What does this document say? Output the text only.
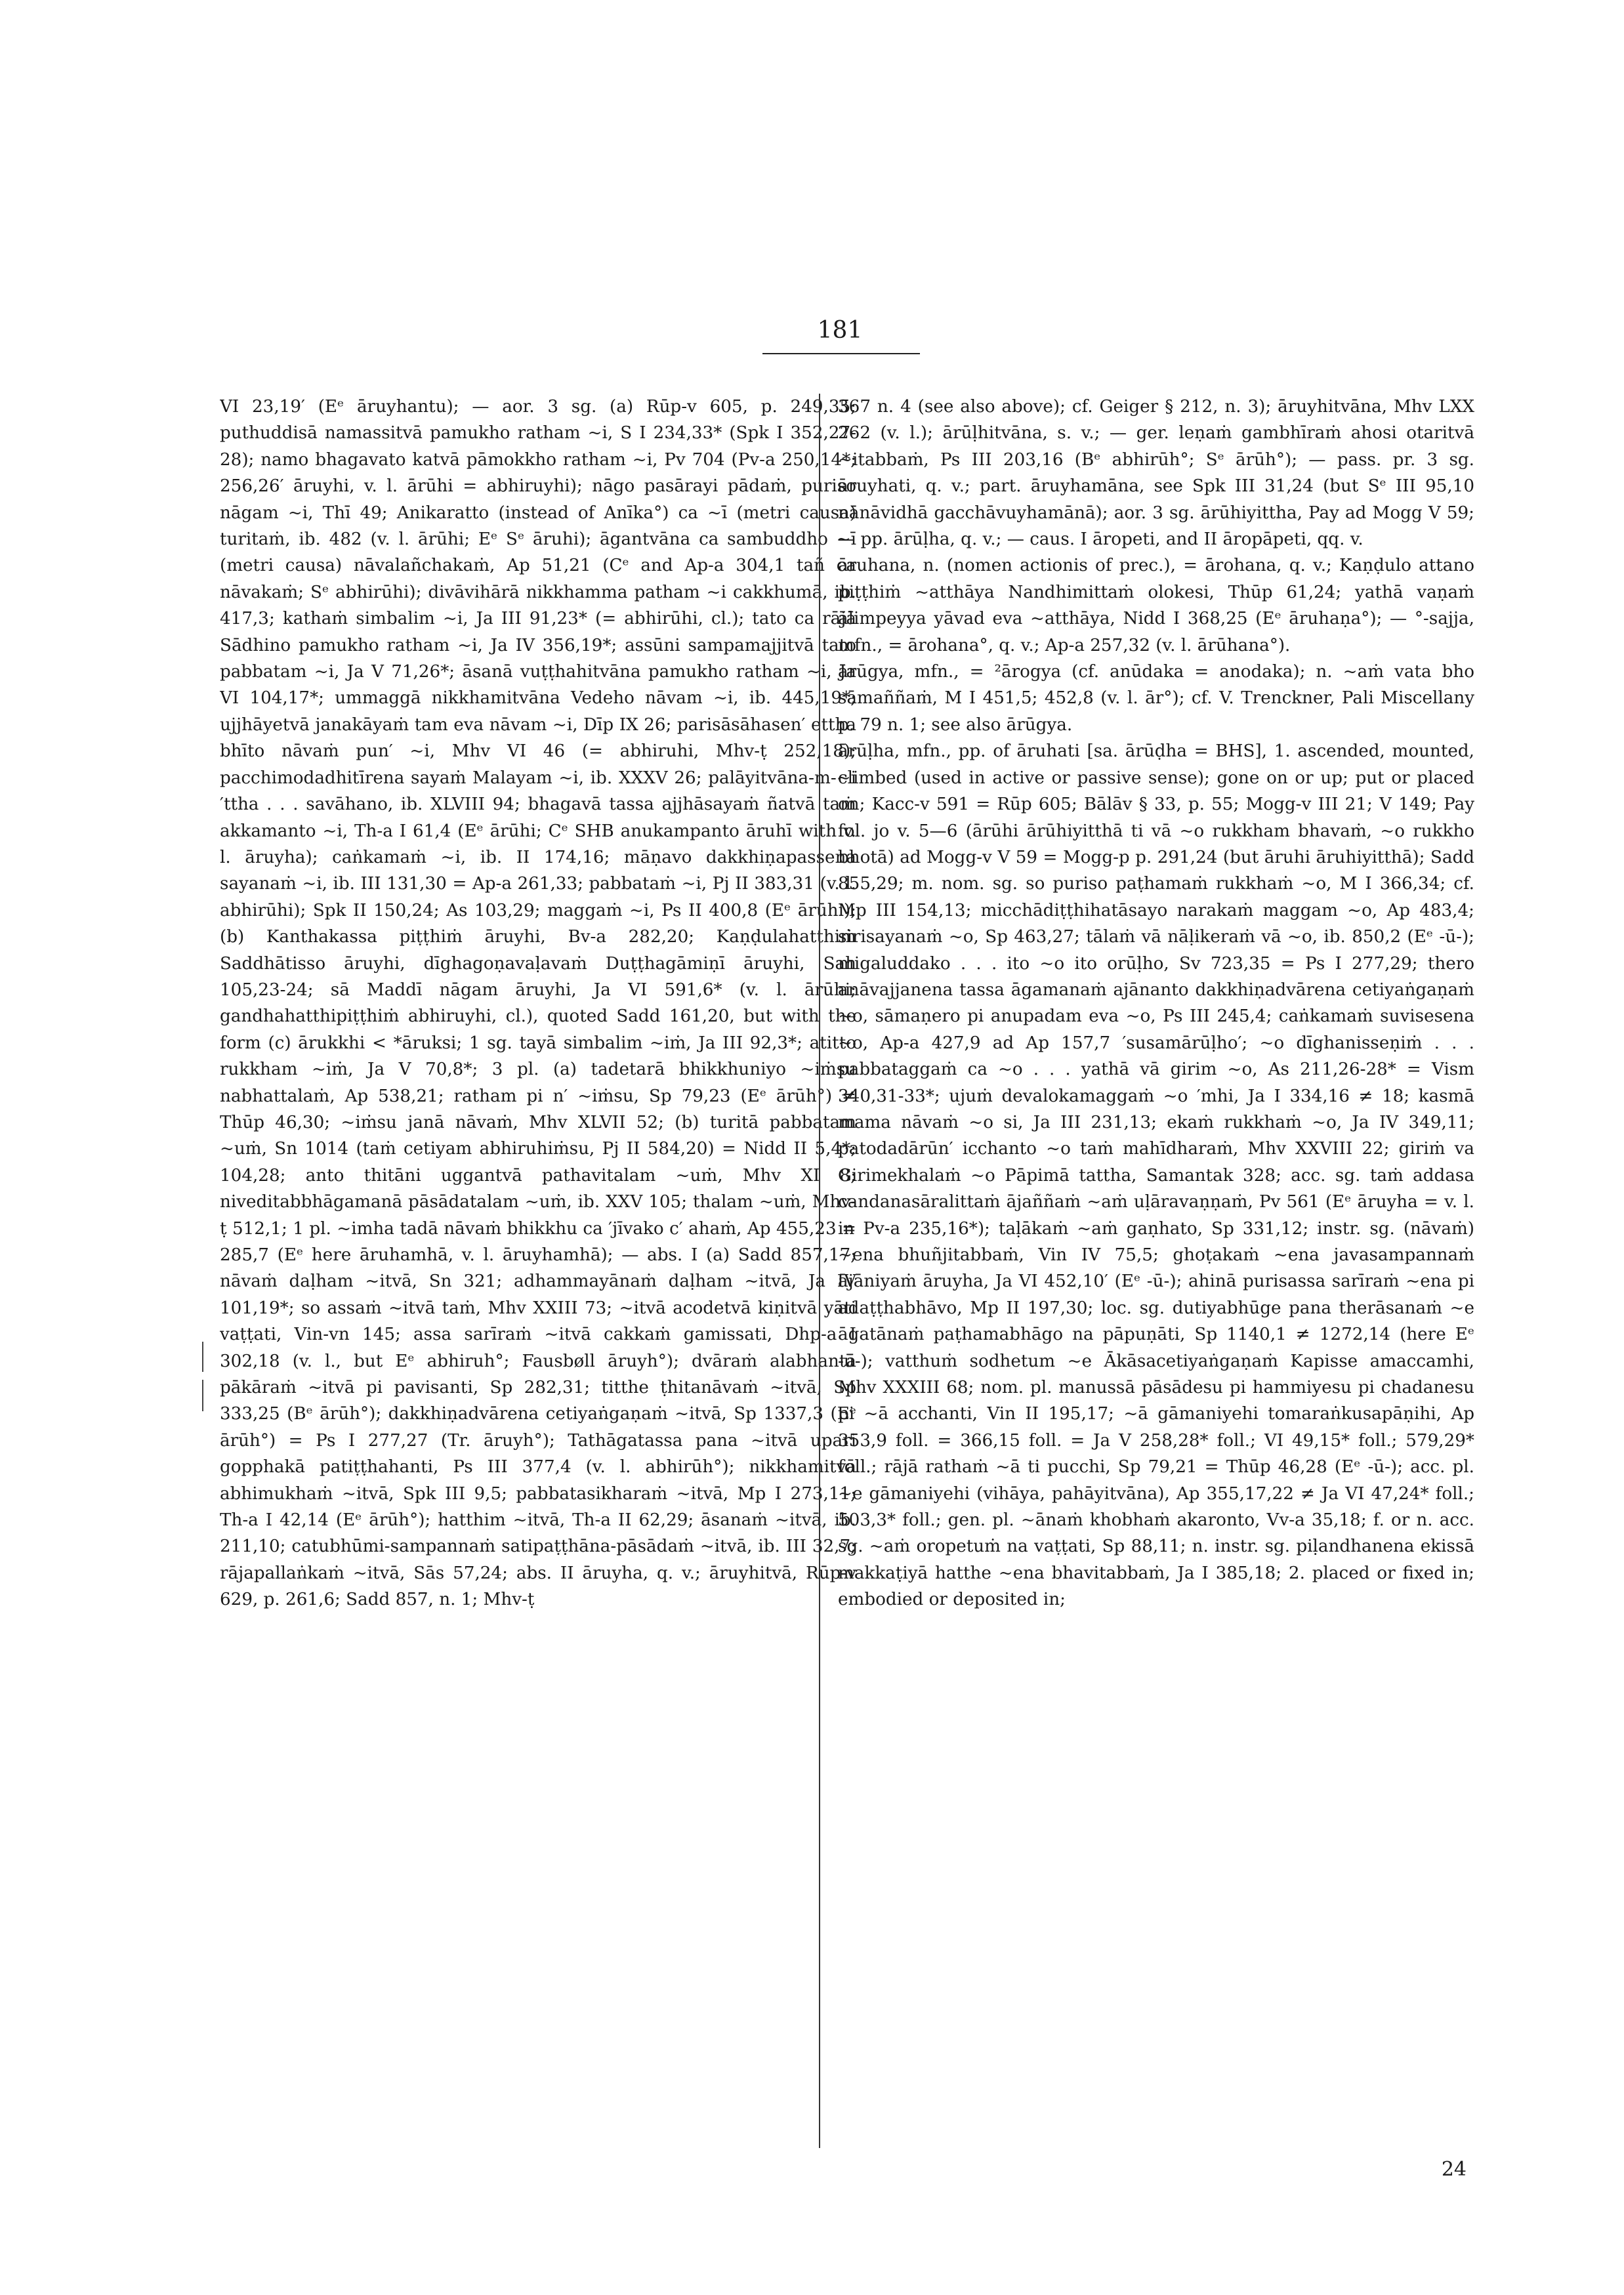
181

VI 23,19′ (Eᵉ āruyhantu); — aor. 3 sg. (a) Rūp-v 605, p. 249,35; puthuddisā namassitvā pamukho ratham ~i, S I 234,33* (Spk I 352,27-28); namo bhagavato katvā pāmokkho ratham ~i, Pv 704 (Pv-a 250,14*; 256,26′ āruyhi, v. l. ārūhi = abhiruyhi); nāgo pasārayi pādaṁ, puriso nāgam ~i, Thī 49; Anikaratto (instead of Anīka°) ca ~ī (metri causa) turitaṁ, ib. 482 (v. l. ārūhi; Eᵉ Sᵉ āruhi); āgantvāna ca sambuddho ~ī (metri causa) nāvalañchakaṁ, Ap 51,21 (Cᵉ and Ap-a 304,1 tañ ca nāvakaṁ; Sᵉ abhirūhi); divāvihārā nikkhamma patham ~i cakkhumā, ib. 417,3; kathaṁ simbalim ~i, Ja III 91,23* (= abhirūhi, cl.); tato ca rājā Sādhino pamukho ratham ~i, Ja IV 356,19*; assūni sampamajjitvā tato pabbatam ~i, Ja V 71,26*; āsanā vuṭṭhahitvāna pamukho ratham ~i, Ja VI 104,17*; ummaggā nikkhamitvāna Vedeho nāvam ~i, ib. 445,19*; ujjhāyetvā janakāyaṁ tam eva nāvam ~i, Dīp IX 26; parisāsāhasen′ ettha bhīto nāvaṁ pun′ ~i, Mhv VI 46 (= abhiruhi, Mhv-ṭ 252,18); pacchimodadhitīrena sayaṁ Malayam ~i, ib. XXXV 26; palāyitvāna-m-~i ′ttha . . . savāhano, ib. XLVIII 94; bhagavā tassa ajjhāsayaṁ ñatvā taṁ akkamanto ~i, Th-a I 61,4 (Eᵉ ārūhi; Cᵉ SHB anukampanto āruhī with v. l. āruyha); caṅkamaṁ ~i, ib. II 174,16; māṇavo dakkhiṇapassena sayanaṁ ~i, ib. III 131,30 = Ap-a 261,33; pabbataṁ ~i, Pj II 383,31 (v. l. abhirūhi); Spk II 150,24; As 103,29; maggaṁ ~i, Ps II 400,8 (Eᵉ ārūhi); (b) Kanthakassa piṭṭhiṁ āruyhi, Bv-a 282,20; Kaṇḍulahatthiṁ Saddhātisso āruyhi, dīghagoṇavaḷavaṁ Duṭṭhagāmiṇī āruyhi, Sah 105,23-24; sā Maddī nāgam āruyhi, Ja VI 591,6* (v. l. ārūhi; gandhahatthipiṭṭhiṁ abhiruyhi, cl.), quoted Sadd 161,20, but with the form (c) ārukkhi < *āruksi; 1 sg. tayā simbalim ~iṁ, Ja III 92,3*; atitto rukkham ~iṁ, Ja V 70,8*; 3 pl. (a) tadetarā bhikkhuniyo ~iṁsu nabhattalaṁ, Ap 538,21; ratham pi n′ ~iṁsu, Sp 79,23 (Eᵉ ārūh°) ≠ Thūp 46,30; ~iṁsu janā nāvaṁ, Mhv XLVII 52; (b) turitā pabbatam ~uṁ, Sn 1014 (taṁ cetiyam abhiruhiṁsu, Pj II 584,20) = Nidd II 5,4*; 104,28; anto thitāni uggantvā pathavitalam ~uṁ, Mhv XI 8; niveditabbhāgamanā pāsādatalam ~uṁ, ib. XXV 105; thalam ~uṁ, Mhv-ṭ 512,1; 1 pl. ~imha tadā nāvaṁ bhikkhu ca ′jīvako c′ ahaṁ, Ap 455,23 = 285,7 (Eᵉ here āruhamhā, v. l. āruyhamhā); — abs. I (a) Sadd 857,17; nāvaṁ daḷham ~itvā, Sn 321; adhammayānaṁ daḷham ~itvā, Ja IV 101,19*; so assaṁ ~itvā taṁ, Mhv XXIII 73; ~itvā acodetvā kiṇitvā yāti vaṭṭati, Vin-vn 145; assa sarīraṁ ~itvā cakkaṁ gamissati, Dhp-a I 302,18 (v. l., but Eᵉ abhiruh°; Fausbøll āruyh°); dvāraṁ alabhantā pākāraṁ ~itvā pi pavisanti, Sp 282,31; titthe ṭhitanāvaṁ ~itvā, Sp 333,25 (Bᵉ ārūh°); dakkhiṇadvārena cetiyaṅgaṇaṁ ~itvā, Sp 1337,3 (Eᵉ ārūh°) = Ps I 277,27 (Tr. āruyh°); Tathāgatassa pana ~itvā upari gopphakā patiṭṭhahanti, Ps III 377,4 (v. l. abhirūh°); nikkhamitvā abhimukhaṁ ~itvā, Spk III 9,5; pabbatasikharaṁ ~itvā, Mp I 273,11; Th-a I 42,14 (Eᵉ ārūh°); hatthim ~itvā, Th-a II 62,29; āsanaṁ ~itvā, ib. 211,10; catubhūmi-sampannaṁ satipaṭṭhāna-pāsādaṁ ~itvā, ib. III 32,7; rājapallaṅkaṁ ~itvā, Sās 57,24; abs. II āruyha, q. v.; āruyhitvā, Rūp-v 629, p. 261,6; Sadd 857, n. 1; Mhv-ṭ

367 n. 4 (see also above); cf. Geiger § 212, n. 3); āruyhitvāna, Mhv LXX 262 (v. l.); ārūḷhitvāna, s. v.; — ger. leṇaṁ gambhīraṁ ahosi otaritvā ~itabbaṁ, Ps III 203,16 (Bᵉ abhirūh°; Sᵉ ārūh°); — pass. pr. 3 sg. āruyhati, q. v.; part. āruyhamāna, see Spk III 31,24 (but Sᵉ III 95,10 nānāvidhā gacchāvuyhamānā); aor. 3 sg. ārūhiyittha, Pay ad Mogg V 59; — pp. ārūḷha, q. v.; — caus. I āropeti, and II āropāpeti, qq. v.

āruhana, n. (nomen actionis of prec.), = ārohana, q. v.; Kaṇḍulo attano piṭṭhiṁ ~atthāya Nandhimittaṁ olokesi, Thūp 61,24; yathā vaṇaṁ ālimpeyya yāvad eva ~atthāya, Nidd I 368,25 (Eᵉ āruhaṇa°); — °-sajja, mfn., = ārohana°, q. v.; Ap-a 257,32 (v. l. ārūhana°).

ārūgya, mfn., = ²ārogya (cf. anūdaka = anodaka); n. ~aṁ vata bho sāmaññaṁ, M I 451,5; 452,8 (v. l. ār°); cf. V. Trenckner, Pali Miscellany p. 79 n. 1; see also ārūgya.

ārūḷha, mfn., pp. of āruhati [sa. ārūḍha = BHS], 1. ascended, mounted, climbed (used in active or passive sense); gone on or up; put or placed on; Kacc-v 591 = Rūp 605; Bālāv § 33, p. 55; Mogg-v III 21; V 149; Pay fol. jo v. 5—6 (ārūhi ārūhiyitthā ti vā ~o rukkham bhavaṁ, ~o rukkho bhotā) ad Mogg-v V 59 = Mogg-p p. 291,24 (but āruhi āruhiyitthā); Sadd 855,29; m. nom. sg. so puriso paṭhamaṁ rukkhaṁ ~o, M I 366,34; cf. Mp III 154,13; micchādiṭṭhihatāsayo narakaṁ maggam ~o, Ap 483,4; sirisayanaṁ ~o, Sp 463,27; tālaṁ vā nāḷikeraṁ vā ~o, ib. 850,2 (Eᵉ -ū-); migaluddako . . . ito ~o ito orūḷho, Sv 723,35 = Ps I 277,29; thero anāvajjanena tassa āgamanaṁ ajānanto dakkhiṇadvārena cetiyaṅgaṇaṁ ~o, sāmaṇero pi anupadam eva ~o, Ps III 245,4; caṅkamaṁ suvisesena ~o, Ap-a 427,9 ad Ap 157,7 ′susamārūḷho′; ~o dīghanisseṇiṁ . . . pabbataggaṁ ca ~o . . . yathā vā girim ~o, As 211,26-28* = Vism 340,31-33*; ujuṁ devalokamaggaṁ ~o ′mhi, Ja I 334,16 ≠ 18; kasmā mama nāvaṁ ~o si, Ja III 231,13; ekaṁ rukkhaṁ ~o, Ja IV 349,11; patodadārūn′ icchanto ~o taṁ mahīdharaṁ, Mhv XXVIII 22; giriṁ va Girimekhalaṁ ~o Pāpimā tattha, Samantak 328; acc. sg. taṁ addasa candanasāralittaṁ ājaññaṁ ~aṁ uḷāravaṇṇaṁ, Pv 561 (Eᵉ āruyha = v. l. in Pv-a 235,16*); taḷākaṁ ~aṁ gaṇhato, Sp 331,12; instr. sg. (nāvaṁ) ~ena bhuñjitabbaṁ, Vin IV 75,5; ghoṭakaṁ ~ena javasampannaṁ ājāniyaṁ āruyha, Ja VI 452,10′ (Eᵉ -ū-); ahinā purisassa sarīraṁ ~ena pi adaṭṭhabhāvo, Mp II 197,30; loc. sg. dutiyabhūge pana therāsanaṁ ~e āgatānaṁ paṭhamabhāgo na pāpuṇāti, Sp 1140,1 ≠ 1272,14 (here Eᵉ -ū-); vatthuṁ sodhetum ~e Ākāsacetiyaṅgaṇaṁ Kapisse amaccamhi, Mhv XXXIII 68; nom. pl. manussā pāsādesu pi hammiyesu pi chadanesu pi ~ā acchanti, Vin II 195,17; ~ā gāmaniyehi tomaraṅkusapāṇihi, Ap 353,9 foll. = 366,15 foll. = Ja V 258,28* foll.; VI 49,15* foll.; 579,29* foll.; rājā rathaṁ ~ā ti pucchi, Sp 79,21 = Thūp 46,28 (Eᵉ -ū-); acc. pl. ~e gāmaniyehi (vihāya, pahāyitvāna), Ap 355,17,22 ≠ Ja VI 47,24* foll.; 503,3* foll.; gen. pl. ~ānaṁ khobhaṁ akaronto, Vv-a 35,18; f. or n. acc. sg. ~aṁ oropetuṁ na vaṭṭati, Sp 88,11; n. instr. sg. piḷandhanena ekissā makkaṭiyā hatthe ~ena bhavitabbaṁ, Ja I 385,18; 2. placed or fixed in; embodied or deposited in;

24
